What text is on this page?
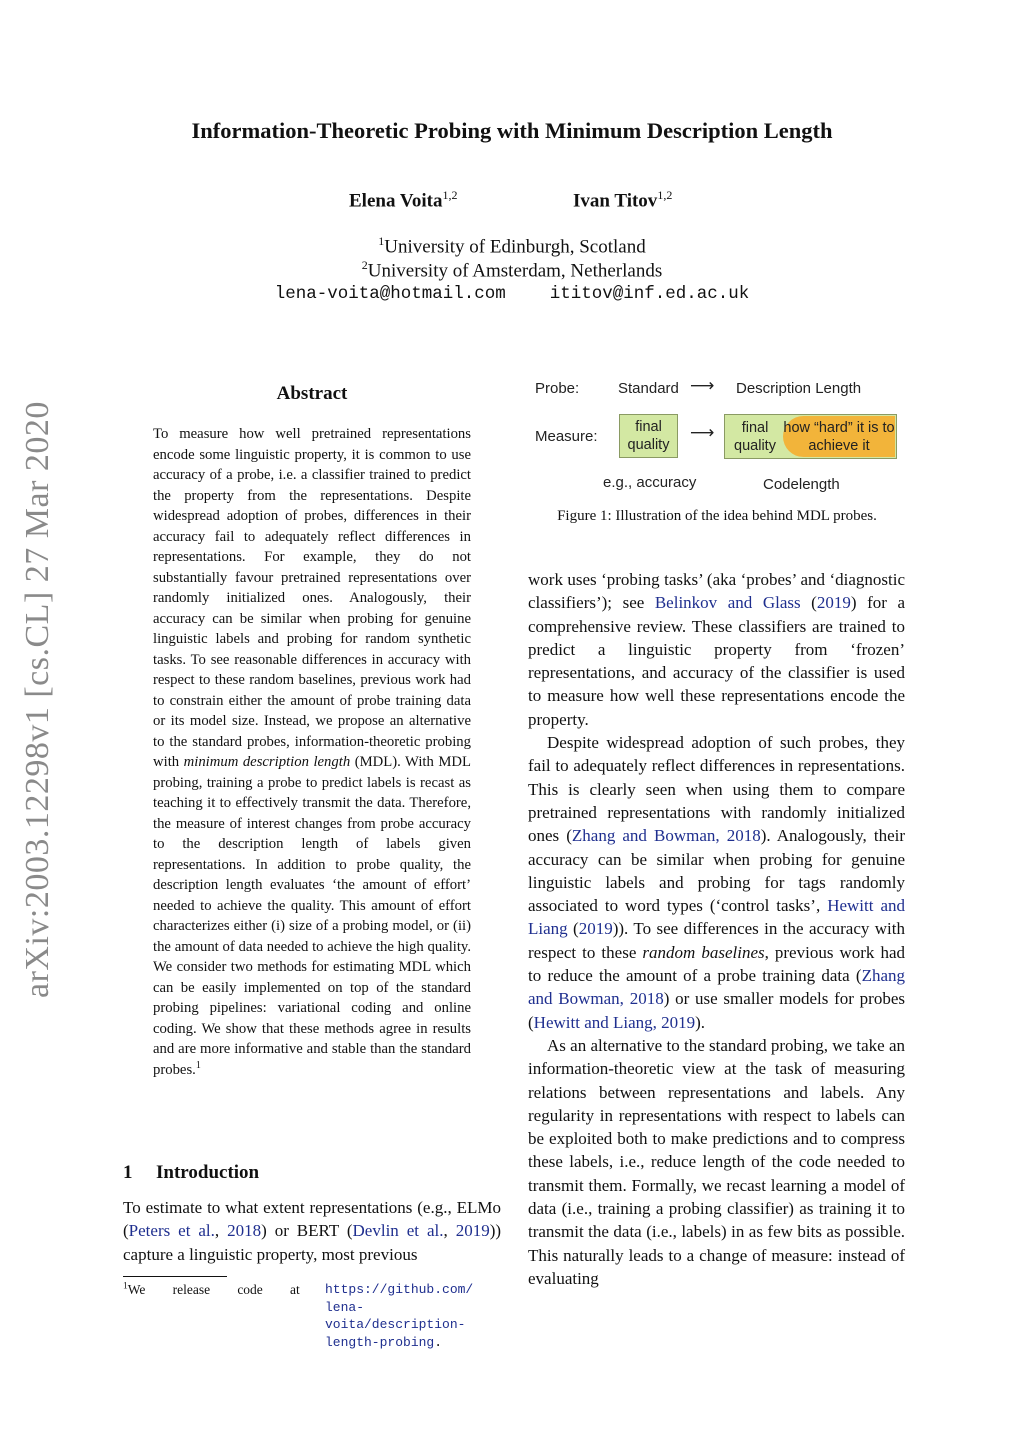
arXiv:2003.12298v1 [cs.CL] 27 Mar 2020
Information-Theoretic Probing with Minimum Description Length
Elena Voita$^{1,2}$	Ivan Titov$^{1,2}$
$^1$University of Edinburgh, Scotland
$^2$University of Amsterdam, Netherlands
lena-voita@hotmail.com	ititov@inf.ed.ac.uk
Abstract
To measure how well pretrained representations encode some linguistic property, it is common to use accuracy of a probe, i.e. a classifier trained to predict the property from the representations. Despite widespread adoption of probes, differences in their accuracy fail to adequately reflect differences in representations. For example, they do not substantially favour pretrained representations over randomly initialized ones. Analogously, their accuracy can be similar when probing for genuine linguistic labels and probing for random synthetic tasks. To see reasonable differences in accuracy with respect to these random baselines, previous work had to constrain either the amount of probe training data or its model size. Instead, we propose an alternative to the standard probes, information-theoretic probing with minimum description length (MDL). With MDL probing, training a probe to predict labels is recast as teaching it to effectively transmit the data. Therefore, the measure of interest changes from probe accuracy to the description length of labels given representations. In addition to probe quality, the description length evaluates ‘the amount of effort’ needed to achieve the quality. This amount of effort characterizes either (i) size of a probing model, or (ii) the amount of data needed to achieve the high quality. We consider two methods for estimating MDL which can be easily implemented on top of the standard probing pipelines: variational coding and online coding. We show that these methods agree in results and are more informative and stable than the standard probes.$^1$
1 Introduction
To estimate to what extent representations (e.g., ELMo (Peters et al., 2018) or BERT (Devlin et al., 2019)) capture a linguistic property, most previous
$^1$We release code at https://github.com/ lena-voita/description-length-probing.
Probe:	Standard ⟶ Description Length
Measure:
final quality
⟶	final quality
how “hard” it is to achieve it
e.g., accuracy	Codelength
Figure 1: Illustration of the idea behind MDL probes.

work uses ‘probing tasks’ (aka ‘probes’ and ‘diagnostic classifiers’); see Belinkov and Glass (2019) for a comprehensive review. These classifiers are trained to predict a linguistic property from ‘frozen’ representations, and accuracy of the classifier is used to measure how well these representations encode the property.

Despite widespread adoption of such probes, they fail to adequately reflect differences in representations. This is clearly seen when using them to compare pretrained representations with randomly initialized ones (Zhang and Bowman, 2018). Analogously, their accuracy can be similar when probing for genuine linguistic labels and probing for tags randomly associated to word types (‘control tasks’, Hewitt and Liang (2019)). To see differences in the accuracy with respect to these random baselines, previous work had to reduce the amount of a probe training data (Zhang and Bowman, 2018) or use smaller models for probes (Hewitt and Liang, 2019).

As an alternative to the standard probing, we take an information-theoretic view at the task of measuring relations between representations and labels. Any regularity in representations with respect to labels can be exploited both to make predictions and to compress these labels, i.e., reduce length of the code needed to transmit them. Formally, we recast learning a model of data (i.e., training a probing classifier) as training it to transmit the data (i.e., labels) in as few bits as possible. This naturally leads to a change of measure: instead of evaluating
